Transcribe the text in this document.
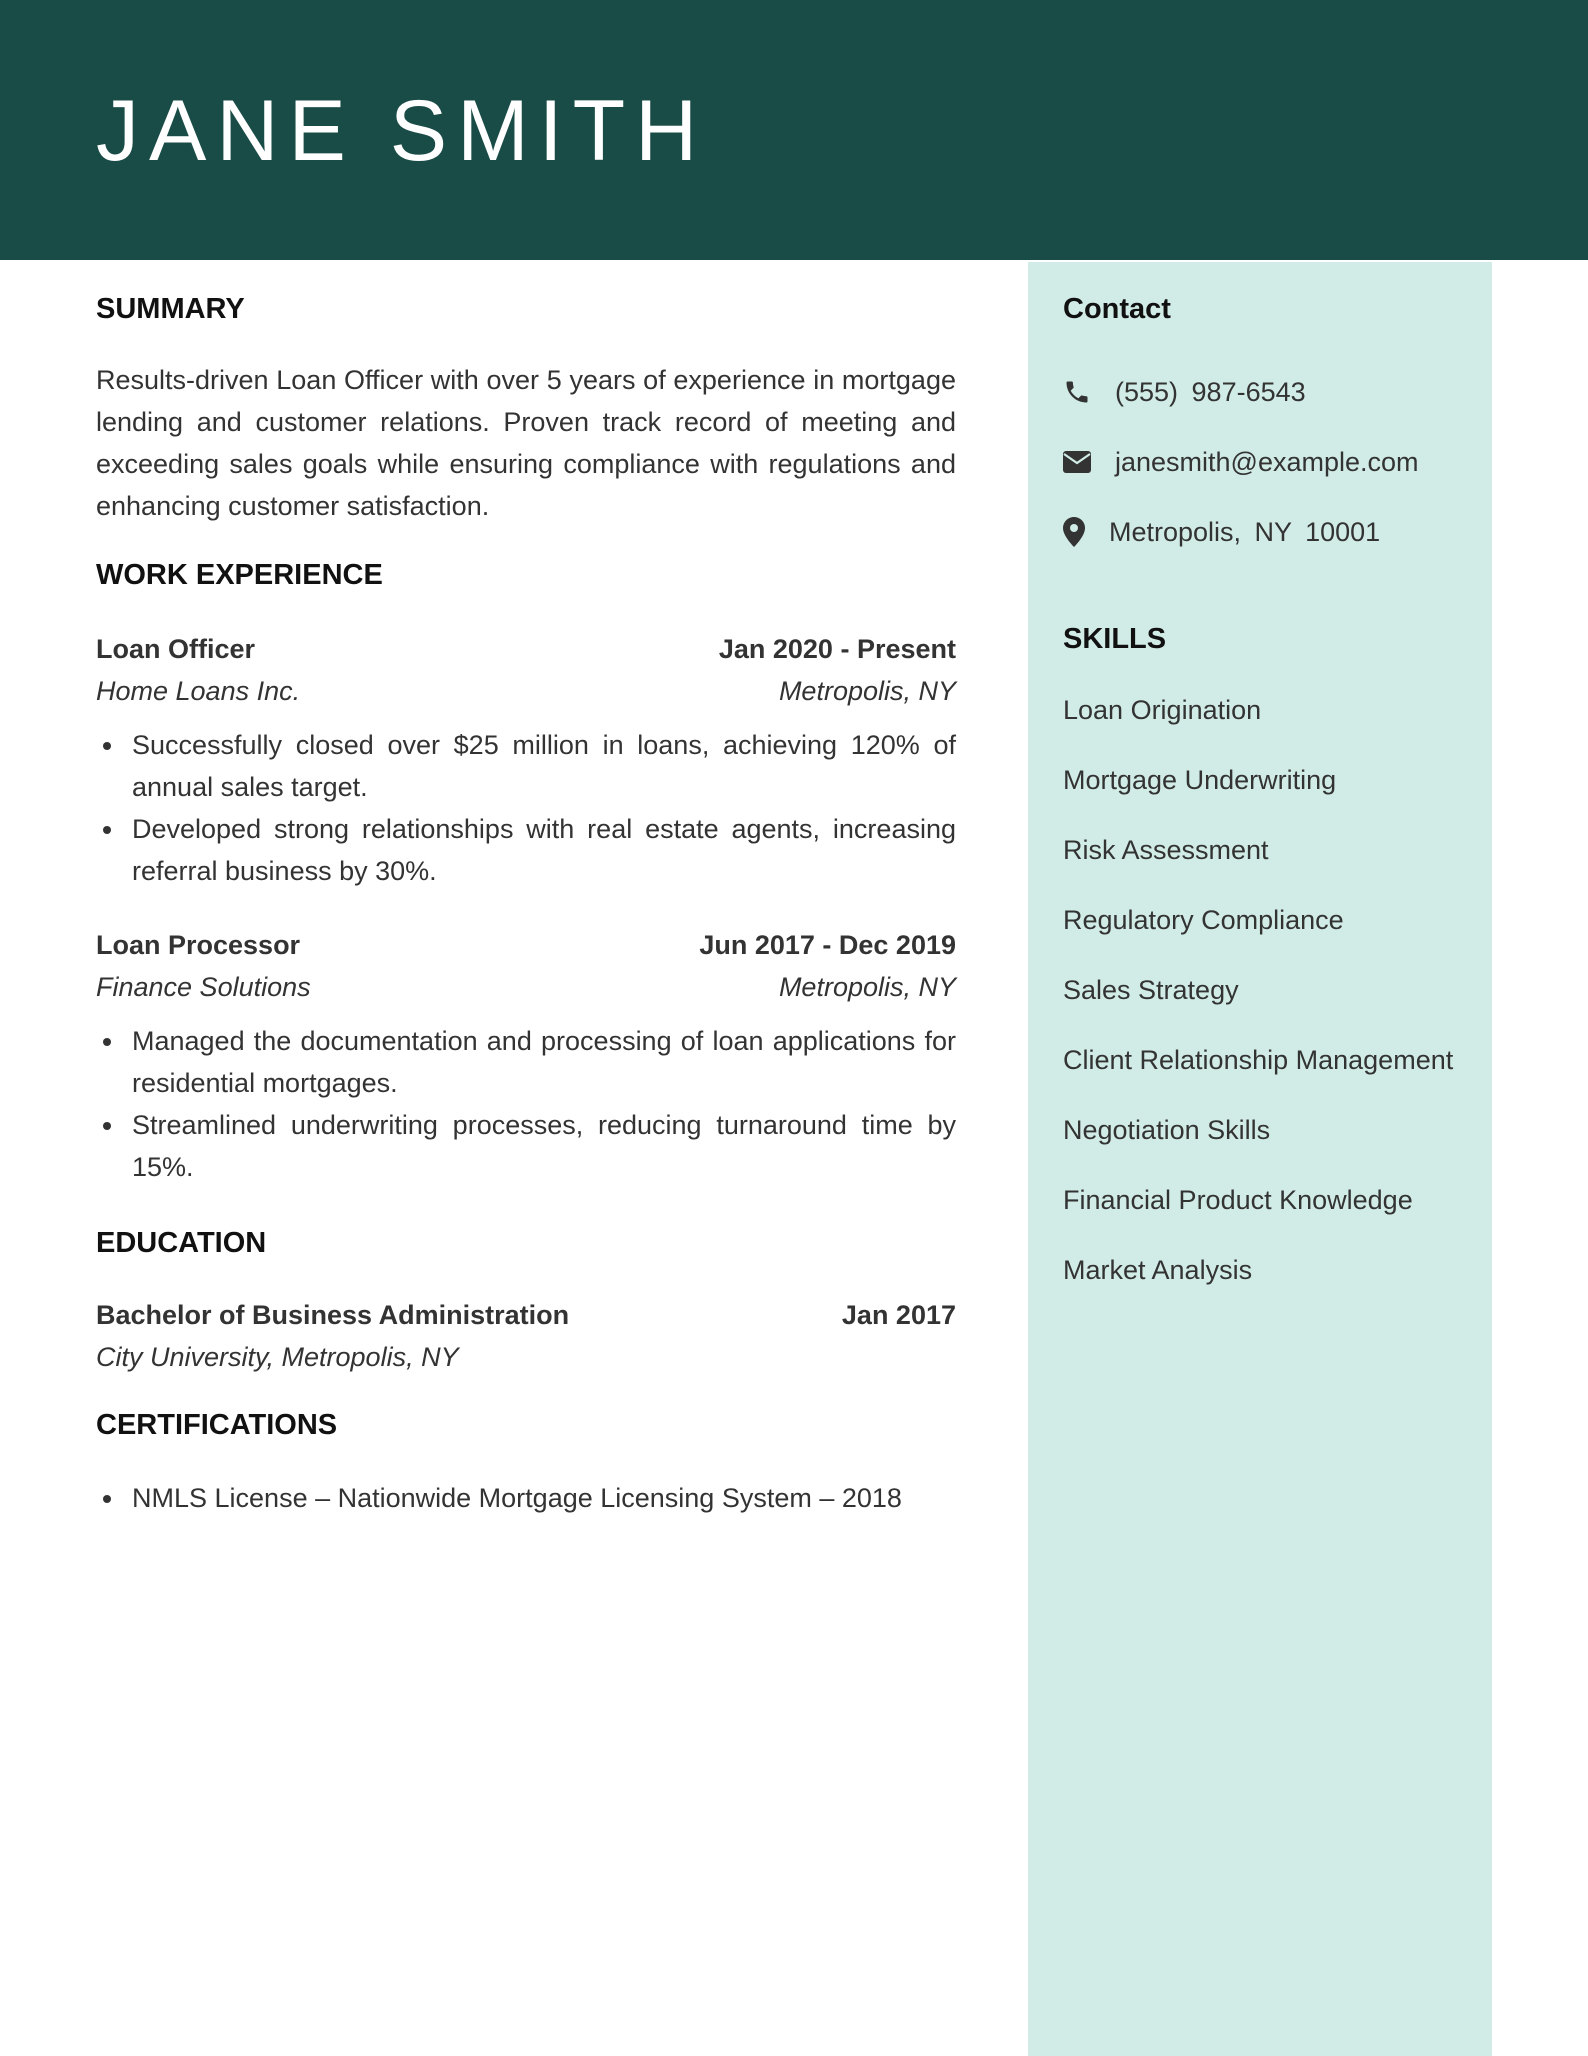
JANE SMITH
Contact
(555) 987-6543
janesmith@example.com
Metropolis, NY 10001
SKILLS
Loan Origination
Mortgage Underwriting
Risk Assessment
Regulatory Compliance
Sales Strategy
Client Relationship Management
Negotiation Skills
Financial Product Knowledge
Market Analysis
SUMMARY

Results-driven Loan Officer with over 5 years of experience in mortgage lending and customer relations. Proven track record of meeting and exceeding sales goals while ensuring compliance with regulations and enhancing customer satisfaction.

WORK EXPERIENCE
Loan Officer	Jan 2020 - Present
Home Loans Inc.	Metropolis, NY
Successfully closed over $25 million in loans, achieving 120% of annual sales target.
Developed strong relationships with real estate agents, increasing referral business by 30%.
Loan Processor	Jun 2017 - Dec 2019
Finance Solutions	Metropolis, NY
Managed the documentation and processing of loan applications for residential mortgages.
Streamlined underwriting processes, reducing turnaround time by 15%.
EDUCATION
Bachelor of Business Administration	Jan 2017
City University, Metropolis, NY
CERTIFICATIONS
NMLS License – Nationwide Mortgage Licensing System – 2018
